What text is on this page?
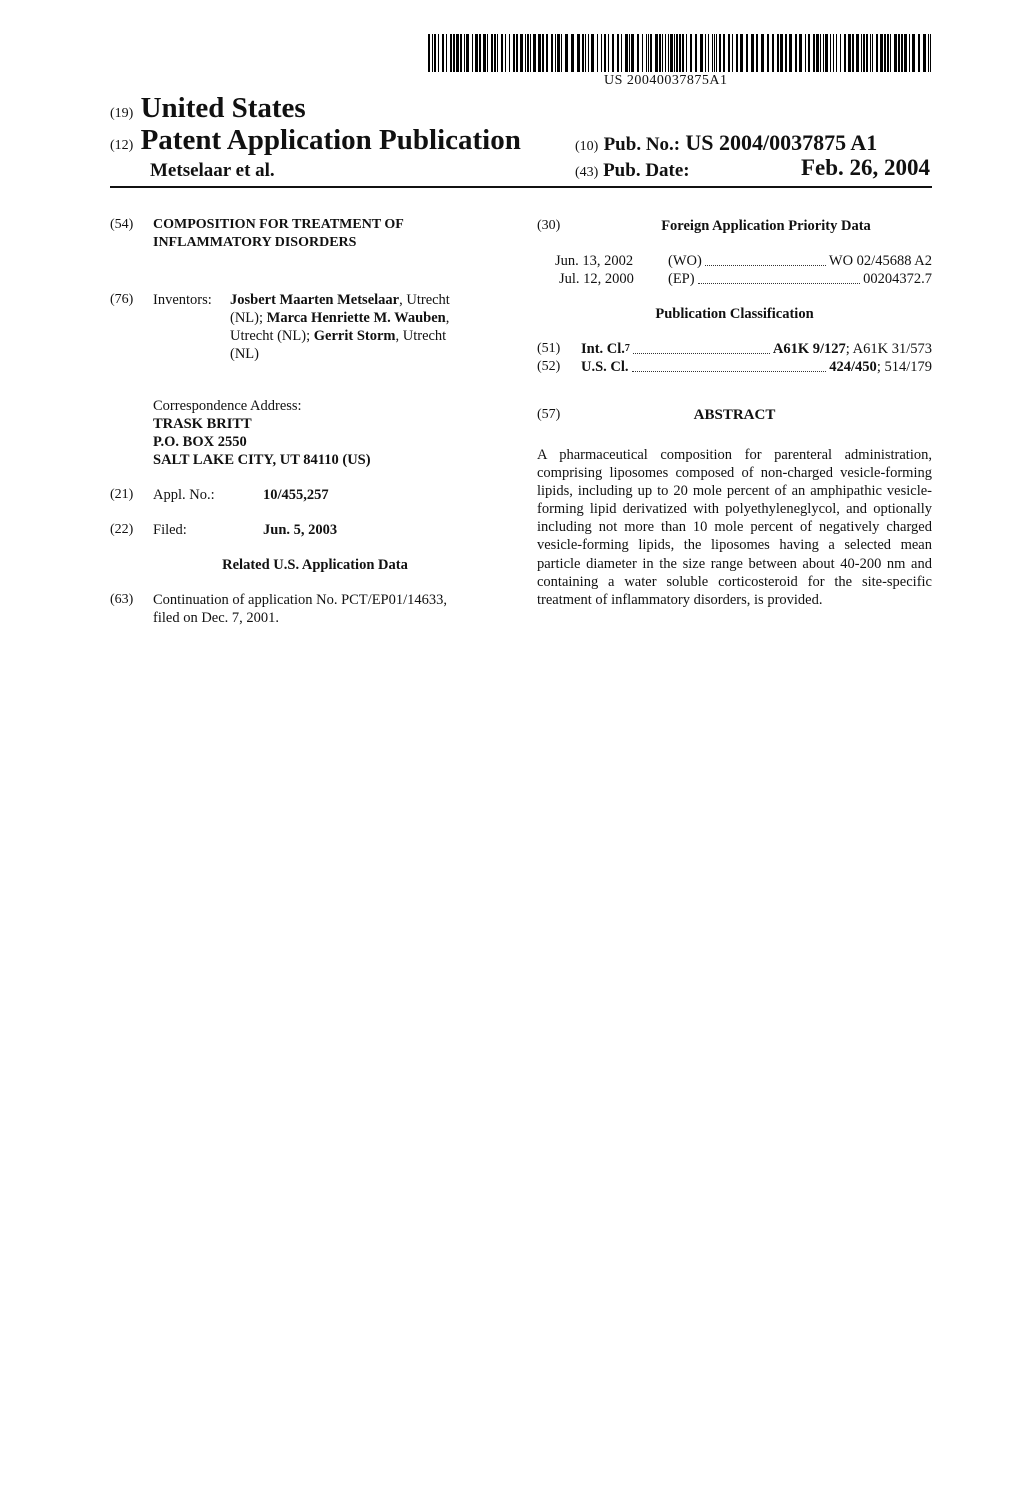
US 20040037875A1
(19) United States
(12) Patent Application Publication
Metselaar et al.
(10) Pub. No.: US 2004/0037875 A1
(43) Pub. Date:	Feb. 26, 2004
(54) COMPOSITION FOR TREATMENT OF
INFLAMMATORY DISORDERS
(76) Inventors: Josbert Maarten Metselaar, Utrecht
(NL); Marca Henriette M. Wauben,
Utrecht (NL); Gerrit Storm, Utrecht
(NL)
Correspondence Address:
TRASK BRITT
P.O. BOX 2550
SALT LAKE CITY, UT 84110 (US)
(21) Appl. No.:	10/455,257
(22) Filed:	Jun. 5, 2003
Related U.S. Application Data
(63) Continuation of application No. PCT/EP01/14633,
filed on Dec. 7, 2001.
(30)	Foreign Application Priority Data
Jun. 13, 2002	(WO)	WO 02/45688 A2
Jul. 12, 2000	(EP)	00204372.7
Publication Classification
(51)	Int. Cl. 7	A61K 9/127 ; A61K 31/573
(52)	U.S. Cl.	424/450 ; 514/179
(57)	ABSTRACT
A pharmaceutical composition for parenteral administration, comprising liposomes composed of non-charged vesicle-forming lipids, including up to 20 mole percent of an amphipathic vesicle-forming lipid derivatized with polyethyleneglycol, and optionally including not more than 10 mole percent of negatively charged vesicle-forming lipids, the liposomes having a selected mean particle diameter in the size range between about 40-200 nm and containing a water soluble corticosteroid for the site-specific treatment of inflammatory disorders, is provided.
